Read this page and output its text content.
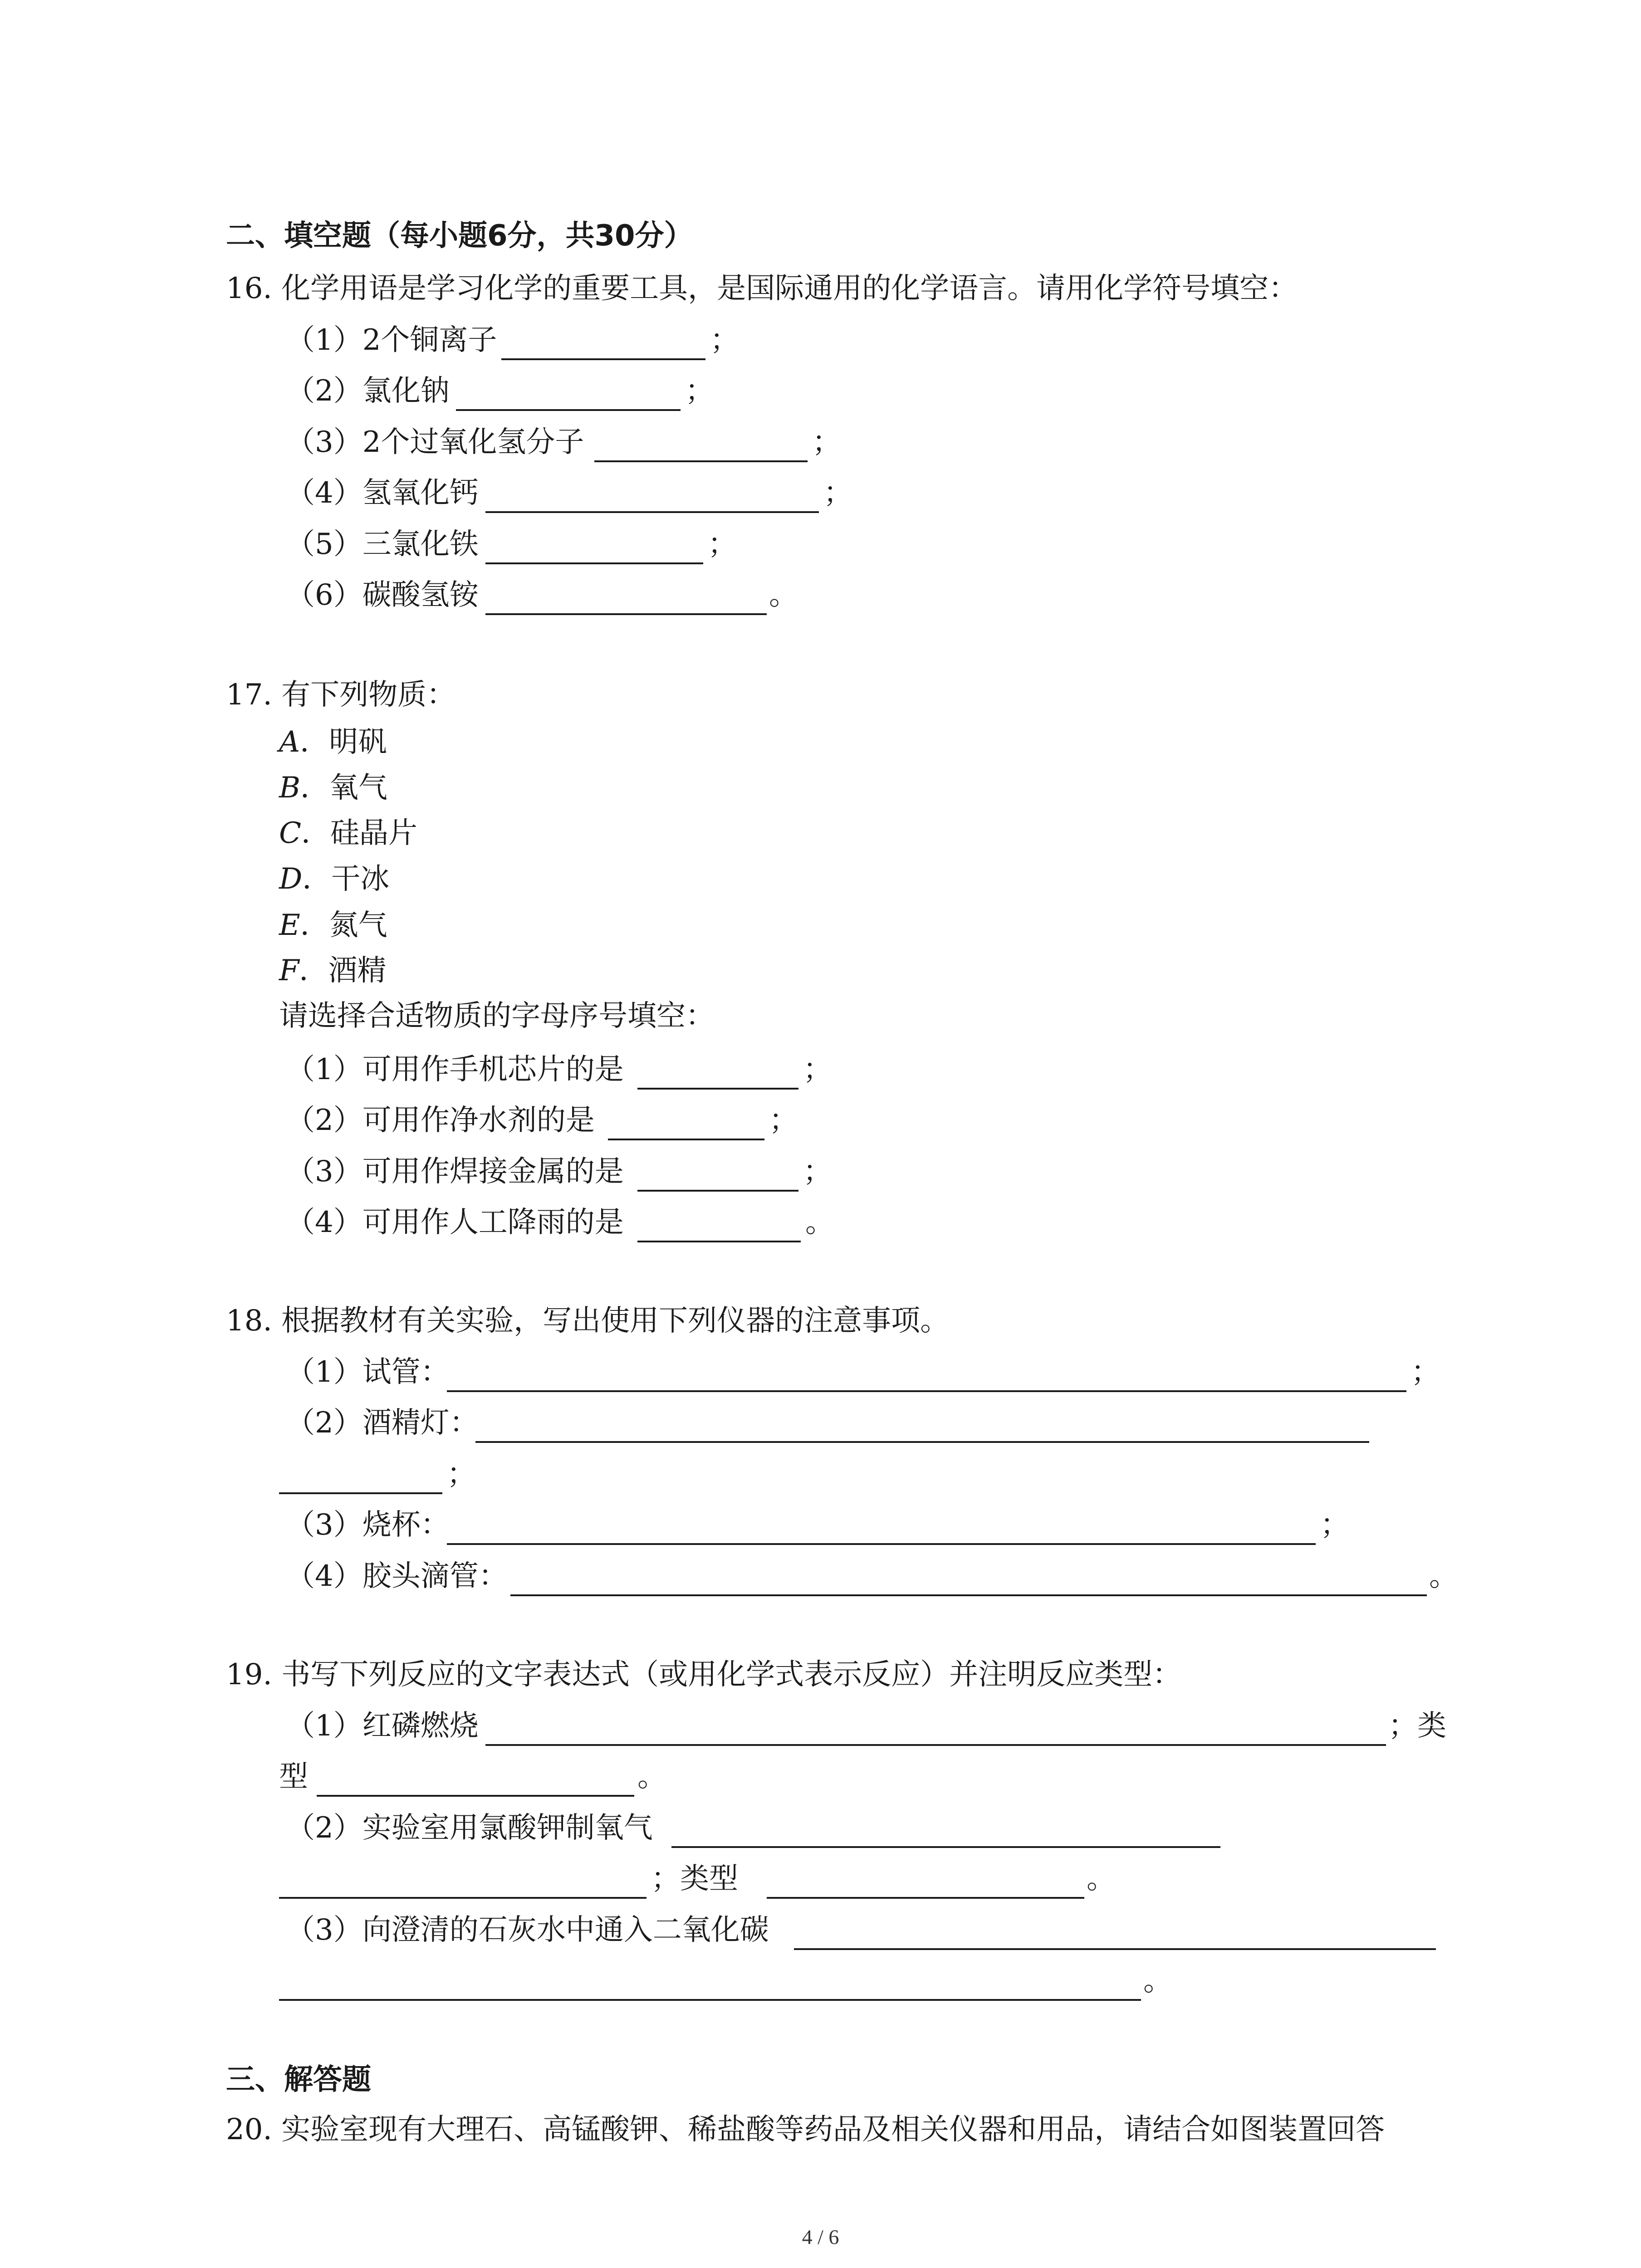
二、填空题（每小题6分，共30分）
16. 化学用语是学习化学的重要工具，是国际通用的化学语言。请用化学符号填空：
（1）2个铜离子	；
（2）氯化钠	；
（3）2个过氧化氢分子	；
（4）氢氧化钙	；
（5）三氯化铁	；
（6）碳酸氢铵	。
17. 有下列物质：
A．明矾
B．氧气
C．硅晶片
D．干冰
E．氮气
F．酒精
请选择合适物质的字母序号填空：
（1）可用作手机芯片的是	；
（2）可用作净水剂的是	；
（3）可用作焊接金属的是	；
（4）可用作人工降雨的是	。
18. 根据教材有关实验，写出使用下列仪器的注意事项。
（1）试管：	；
（2）酒精灯：
；
（3）烧杯：	；
（4）胶头滴管：	。
19. 书写下列反应的文字表达式（或用化学式表示反应）并注明反应类型：
（1）红磷燃烧	；类
型	。
（2）实验室用氯酸钾制氧气
；类型	。
（3）向澄清的石灰水中通入二氧化碳
。
三、解答题
20. 实验室现有大理石、高锰酸钾、稀盐酸等药品及相关仪器和用品，请结合如图装置回答
4 / 6
